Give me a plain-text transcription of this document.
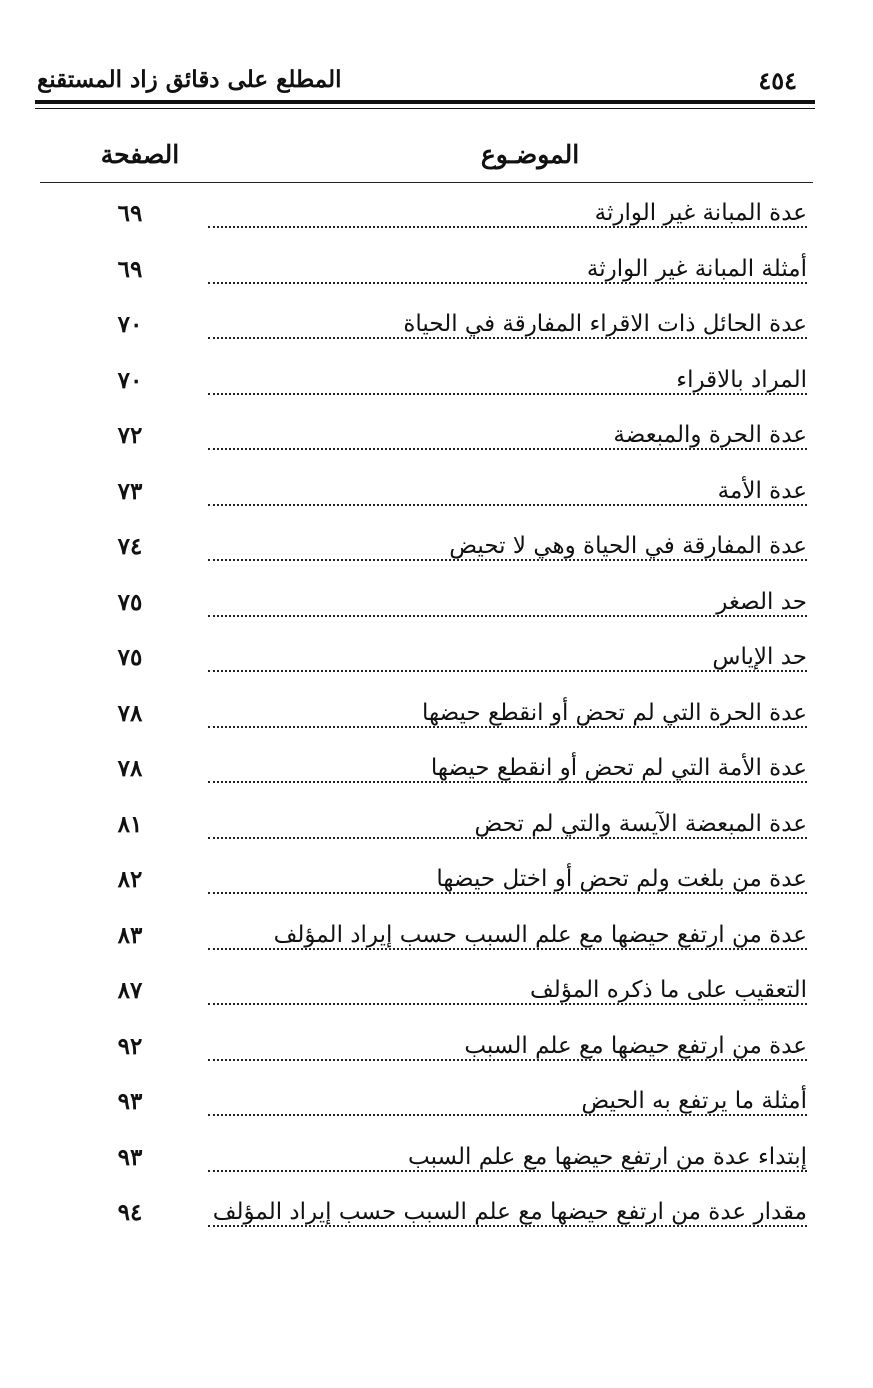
٤٥٤
المطلع على دقائق زاد المستقنع
الموضـوع
الصفحة
عدة المبانة غير الوارثة
٦٩
أمثلة المبانة غير الوارثة
٦٩
عدة الحائل ذات الاقراء المفارقة في الحياة
٧٠
المراد بالاقراء
٧٠
عدة الحرة والمبعضة
٧٢
عدة الأمة
٧٣
عدة المفارقة في الحياة وهي لا تحيض
٧٤
حد الصغر
٧٥
حد الإياس
٧٥
عدة الحرة التي لم تحض أو انقطع حيضها
٧٨
عدة الأمة التي لم تحض أو انقطع حيضها
٧٨
عدة المبعضة الآيسة والتي لم تحض
٨١
عدة من بلغت ولم تحض أو اختل حيضها
٨٢
عدة من ارتفع حيضها مع علم السبب حسب إيراد المؤلف
٨٣
التعقيب على ما ذكره المؤلف
٨٧
عدة من ارتفع حيضها مع علم السبب
٩٢
أمثلة ما يرتفع به الحيض
٩٣
إبتداء عدة من ارتفع حيضها مع علم السبب
٩٣
مقدار عدة من ارتفع حيضها مع علم السبب حسب إيراد المؤلف
٩٤
